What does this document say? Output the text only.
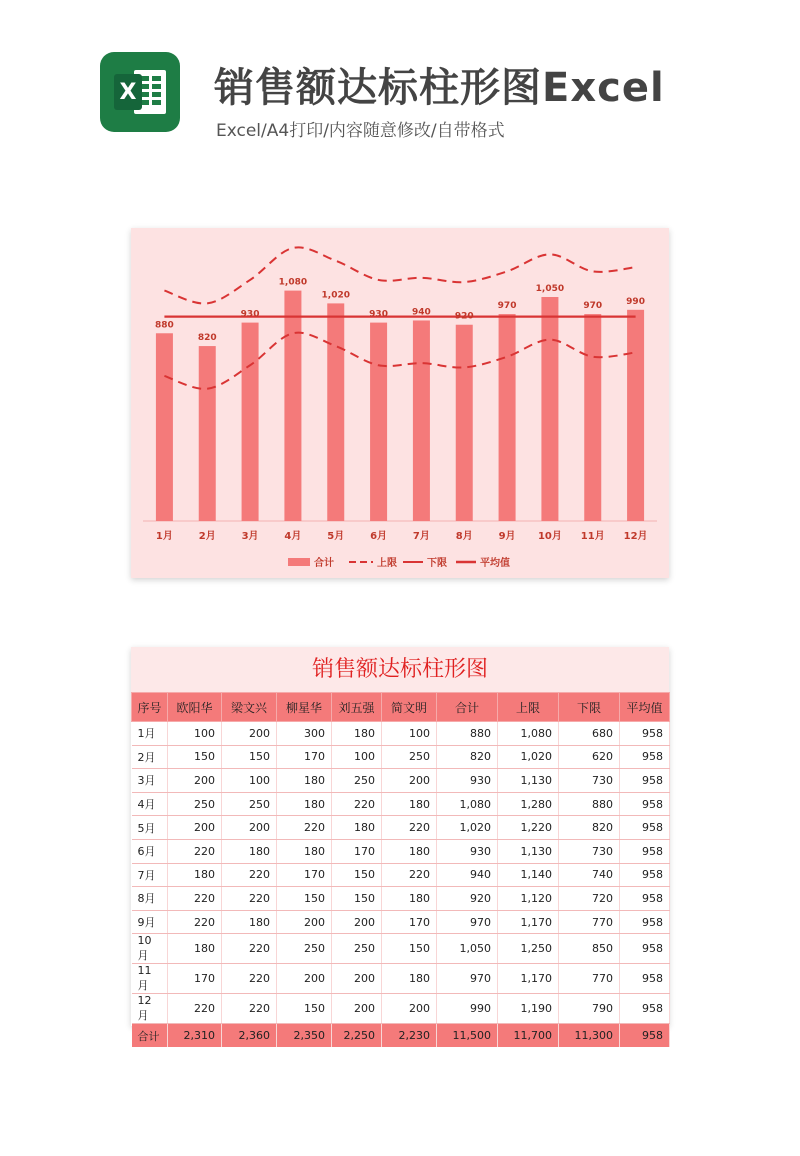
X 销售额达标柱形图Excel
Excel/A4打印/内容随意修改/自带格式
880
820
930
1,080
1,020
930	940	920
970
1,050
970	990
1月	2月	3月	4月	5月	6月	7月	8月	9月 10月 11月 12月
合计	上限	下限	平均值
销售额达标柱形图
序号	欧阳华	梁文兴	柳星华	刘五强	简文明	合计	上限	下限	平均值
1月	100	200	300	180	100	880	1,080	680	958
2月	150	150	170	100	250	820	1,020	620	958
3月	200	100	180	250	200	930	1,130	730	958
4月	250	250	180	220	180	1,080	1,280	880	958
5月	200	200	220	180	220	1,020	1,220	820	958
6月	220	180	180	170	180	930	1,130	730	958
7月	180	220	170	150	220	940	1,140	740	958
8月	220	220	150	150	180	920	1,120	720	958
9月	220	180	200	200	170	970	1,170	770	958
10月	180	220	250	250	150	1,050	1,250	850	958
11月	170	220	200	200	180	970	1,170	770	958
12月	220	220	150	200	200	990	1,190	790	958
合计	2,310	2,360	2,350	2,250	2,230	11,500	11,700	11,300	958
